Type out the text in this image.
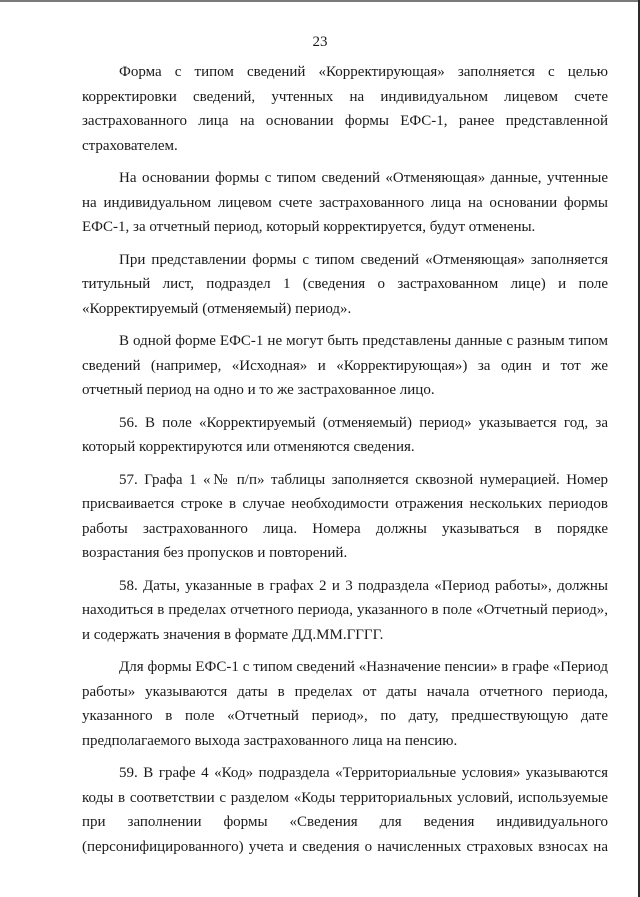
23

Форма с типом сведений «Корректирующая» заполняется с целью корректировки сведений, учтенных на индивидуальном лицевом счете застрахованного лица на основании формы ЕФС-1, ранее представленной страхователем.

На основании формы с типом сведений «Отменяющая» данные, учтенные на индивидуальном лицевом счете застрахованного лица на основании формы ЕФС-1, за отчетный период, который корректируется, будут отменены.

При представлении формы с типом сведений «Отменяющая» заполняется титульный лист, подраздел 1 (сведения о застрахованном лице) и поле «Корректируемый (отменяемый) период».

В одной форме ЕФС-1 не могут быть представлены данные с разным типом сведений (например, «Исходная» и «Корректирующая») за один и тот же отчетный период на одно и то же застрахованное лицо.

56. В поле «Корректируемый (отменяемый) период» указывается год, за который корректируются или отменяются сведения.

57. Графа 1 «№ п/п» таблицы заполняется сквозной нумерацией. Номер присваивается строке в случае необходимости отражения нескольких периодов работы застрахованного лица. Номера должны указываться в порядке возрастания без пропусков и повторений.

58. Даты, указанные в графах 2 и 3 подраздела «Период работы», должны находиться в пределах отчетного периода, указанного в поле «Отчетный период», и содержать значения в формате ДД.ММ.ГГГГ.

Для формы ЕФС-1 с типом сведений «Назначение пенсии» в графе «Период работы» указываются даты в пределах от даты начала отчетного периода, указанного в поле «Отчетный период», по дату, предшествующую дате предполагаемого выхода застрахованного лица на пенсию.

59. В графе 4 «Код» подраздела «Территориальные условия» указываются коды в соответствии с разделом «Коды территориальных условий, используемые при заполнении формы «Сведения для ведения индивидуального (персонифицированного) учета и сведения о начисленных страховых взносах на
